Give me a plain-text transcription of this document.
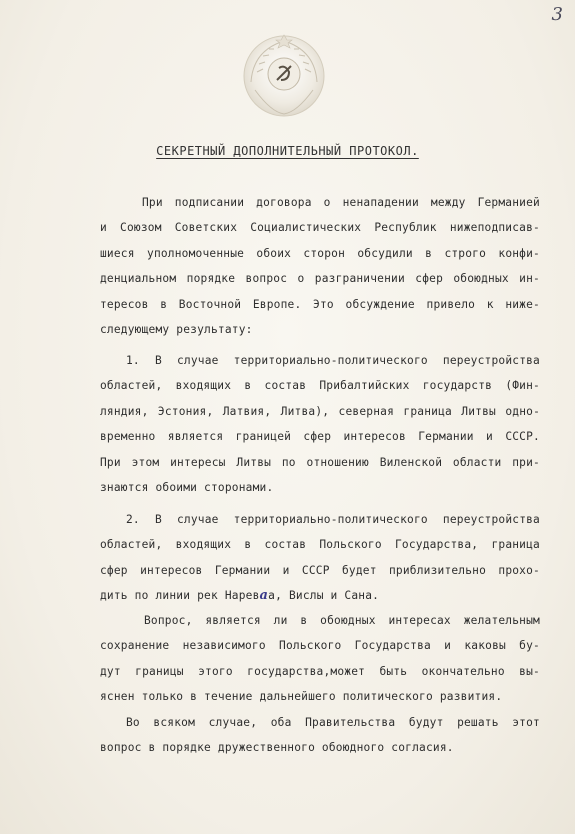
3
СЕКРЕТНЫЙ ДОПОЛНИТЕЛЬНЫЙ ПРОТОКОЛ.
При подписании договора о ненападении между Германией
и Союзом Советских Социалистических Республик нижеподписав-
шиеся уполномоченные обоих сторон обсудили в строго конфи-
денциальном порядке вопрос о разграничении сфер обоюдных ин-
тересов в Восточной Европе. Это обсуждение привело к ниже-
следующему результату:
1. В случае территориально-политического переустройства
областей, входящих в состав Прибалтийских государств (Фин-
ляндия, Эстония, Латвия, Литва), северная граница Литвы одно-
временно является границей сфер интересов Германии и СССР.
При этом интересы Литвы по отношению Виленской области при-
знаются обоими сторонами.
2. В случае территориально-политического переустройства
областей, входящих в состав Польского Государства, граница
сфер интересов Германии и СССР будет приблизительно прохо-
дить по линии рек Нареваа, Вислы и Сана.
Вопрос, является ли в обоюдных интересах желательным
сохранение независимого Польского Государства и каковы бу-
дут границы этого государства,может быть окончательно вы-
яснен только в течение дальнейшего политического развития.
Во всяком случае, оба Правительства будут решать этот
вопрос в порядке дружественного обоюдного согласия.
